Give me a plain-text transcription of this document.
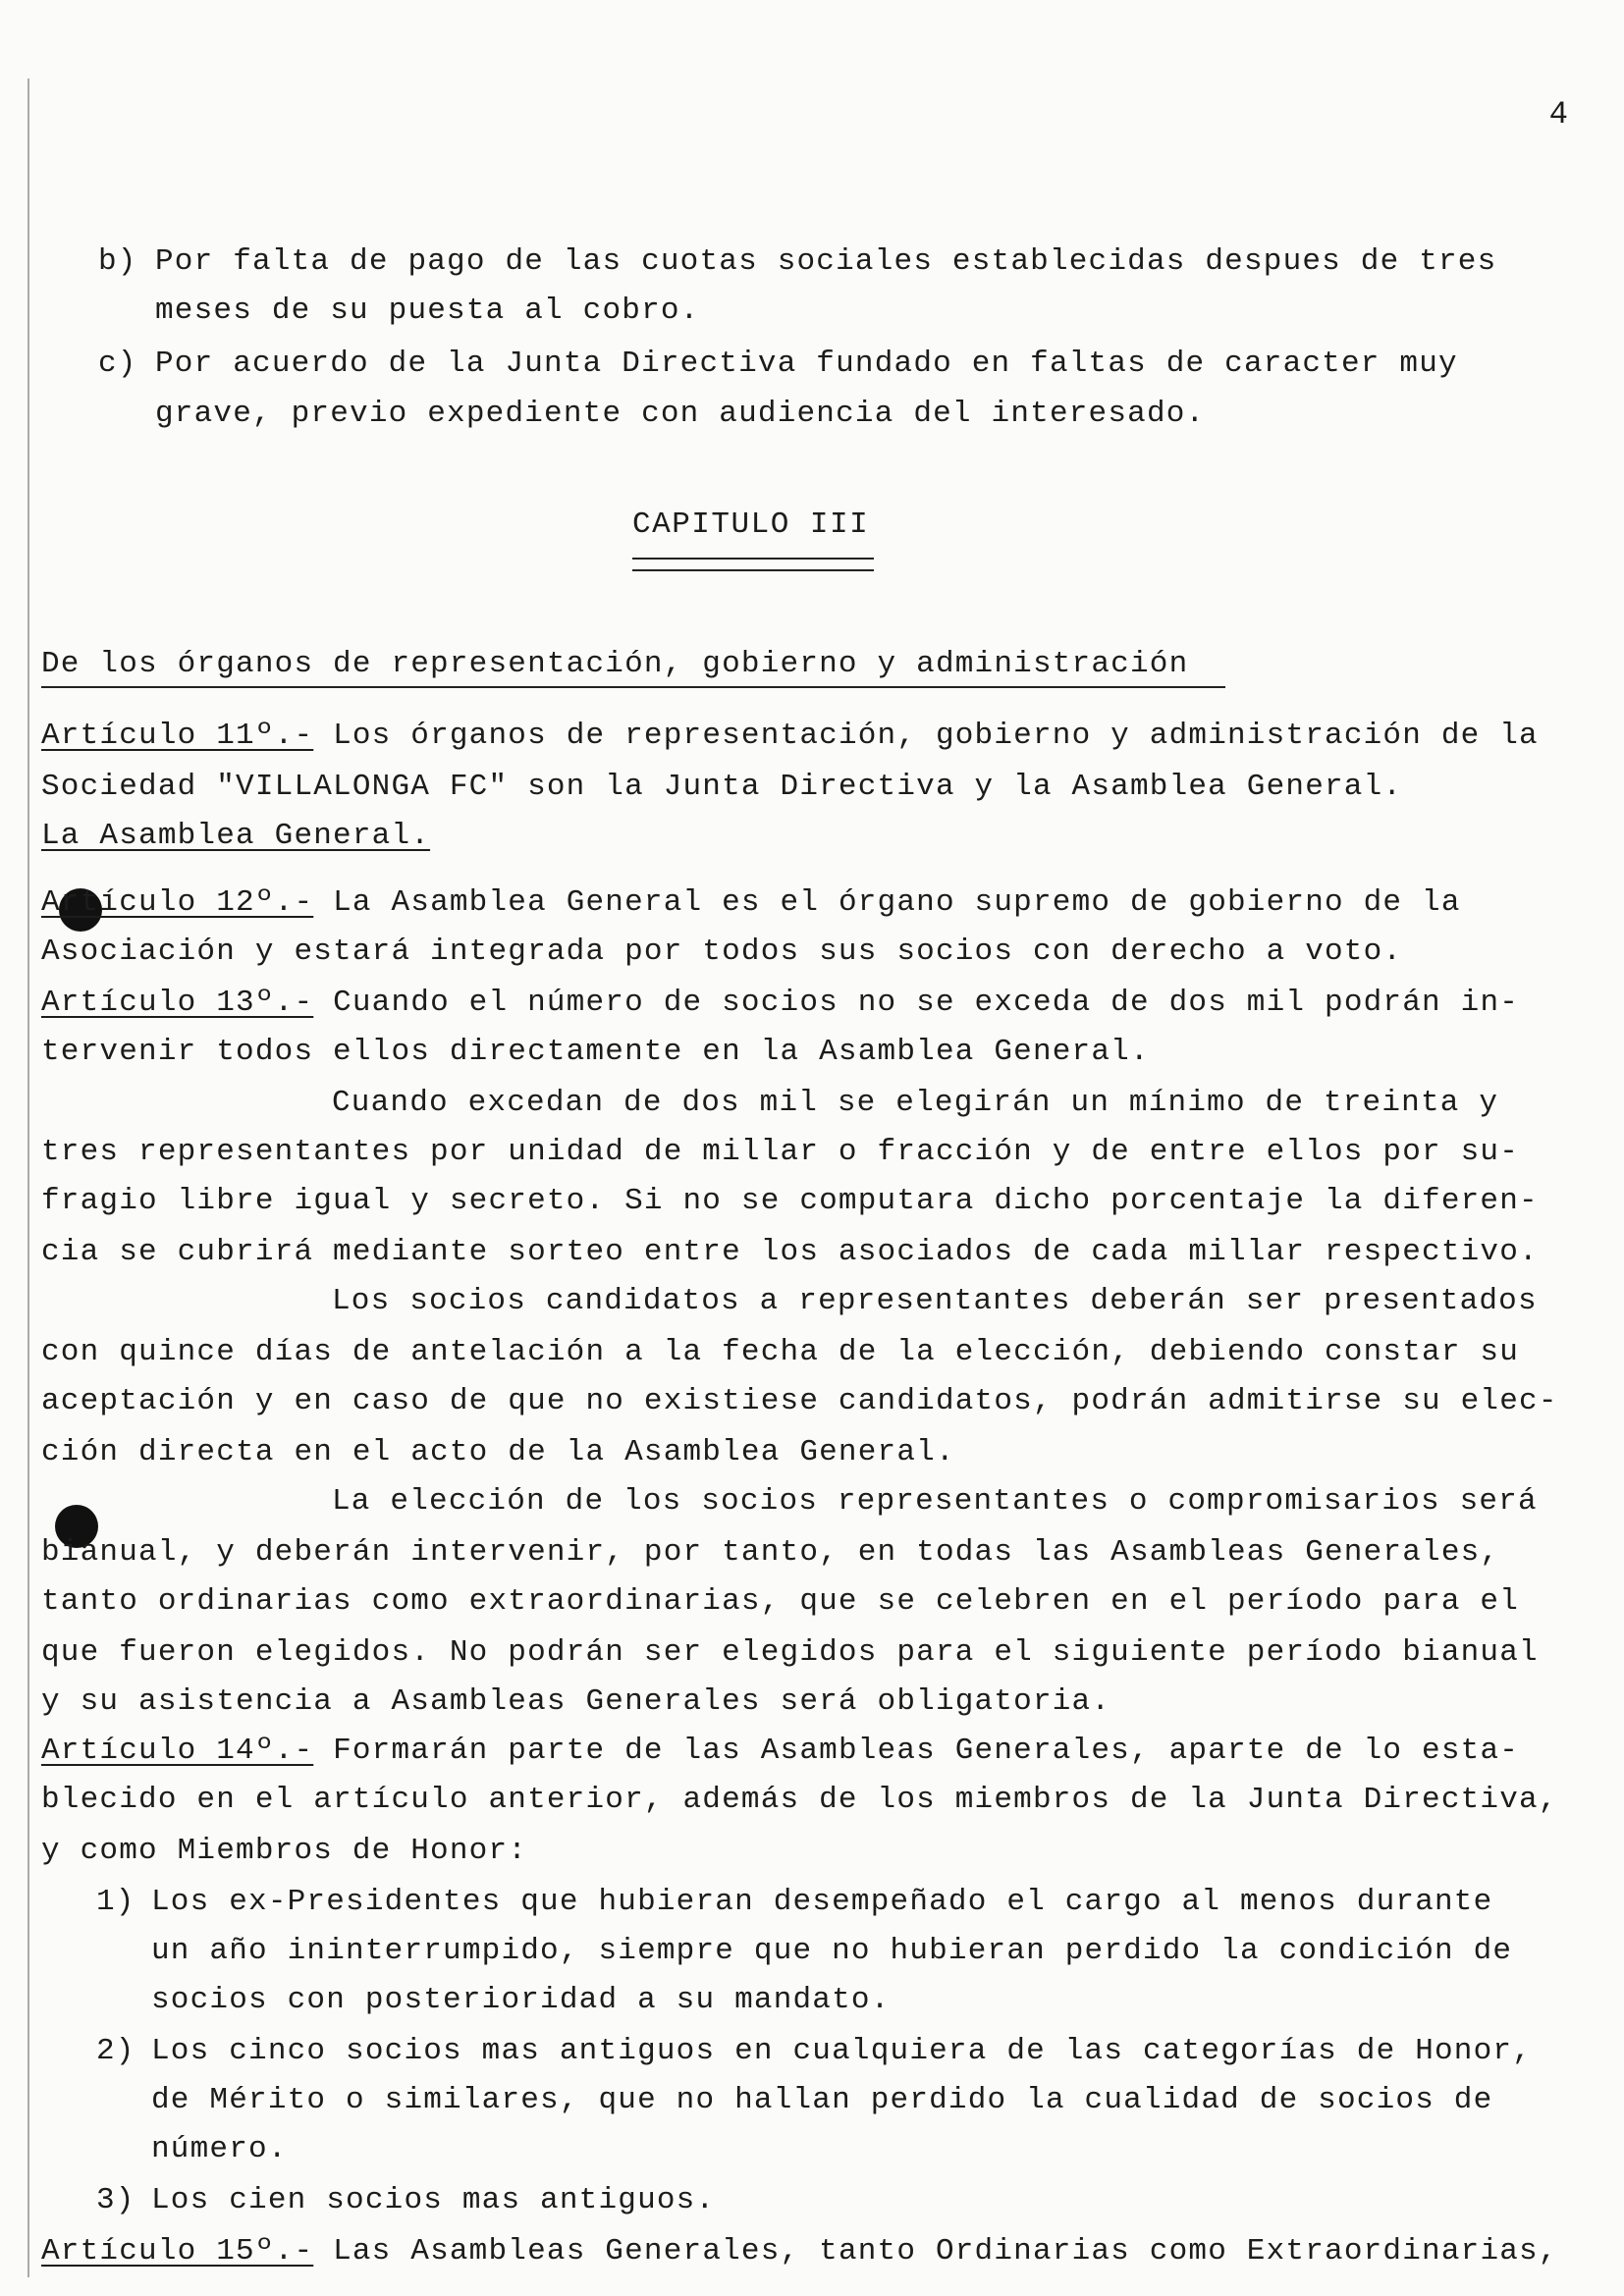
4
b) Por falta de pago de las cuotas sociales establecidas despues de tres
meses de su puesta al cobro.
c) Por acuerdo de la Junta Directiva fundado en faltas de caracter muy
grave, previo expediente con audiencia del interesado.
CAPITULO III
De los órganos de representación, gobierno y administración
Artículo 11º.- Los órganos de representación, gobierno y administración de la
Sociedad "VILLALONGA FC" son la Junta Directiva y la Asamblea General.
La Asamblea General.
Artículo 12º.- La Asamblea General es el órgano supremo de gobierno de la
Asociación y estará integrada por todos sus socios con derecho a voto.
Artículo 13º.- Cuando el número de socios no se exceda de dos mil podrán in-
tervenir todos ellos directamente en la Asamblea General.
Cuando excedan de dos mil se elegirán un mínimo de treinta y
tres representantes por unidad de millar o fracción y de entre ellos por su-
fragio libre igual y secreto. Si no se computara dicho porcentaje la diferen-
cia se cubrirá mediante sorteo entre los asociados de cada millar respectivo.
Los socios candidatos a representantes deberán ser presentados
con quince días de antelación a la fecha de la elección, debiendo constar su
aceptación y en caso de que no existiese candidatos, podrán admitirse su elec-
ción directa en el acto de la Asamblea General.
La elección de los socios representantes o compromisarios será
bianual, y deberán intervenir, por tanto, en todas las Asambleas Generales,
tanto ordinarias como extraordinarias, que se celebren en el período para el
que fueron elegidos. No podrán ser elegidos para el siguiente período bianual
y su asistencia a Asambleas Generales será obligatoria.
Artículo 14º.- Formarán parte de las Asambleas Generales, aparte de lo esta-
blecido en el artículo anterior, además de los miembros de la Junta Directiva,
y como Miembros de Honor:
1) Los ex-Presidentes que hubieran desempeñado el cargo al menos durante
un año ininterrumpido, siempre que no hubieran perdido la condición de
socios con posterioridad a su mandato.
2) Los cinco socios mas antiguos en cualquiera de las categorías de Honor,
de Mérito o similares, que no hallan perdido la cualidad de socios de
número.
3) Los cien socios mas antiguos.
Artículo 15º.- Las Asambleas Generales, tanto Ordinarias como Extraordinarias,
